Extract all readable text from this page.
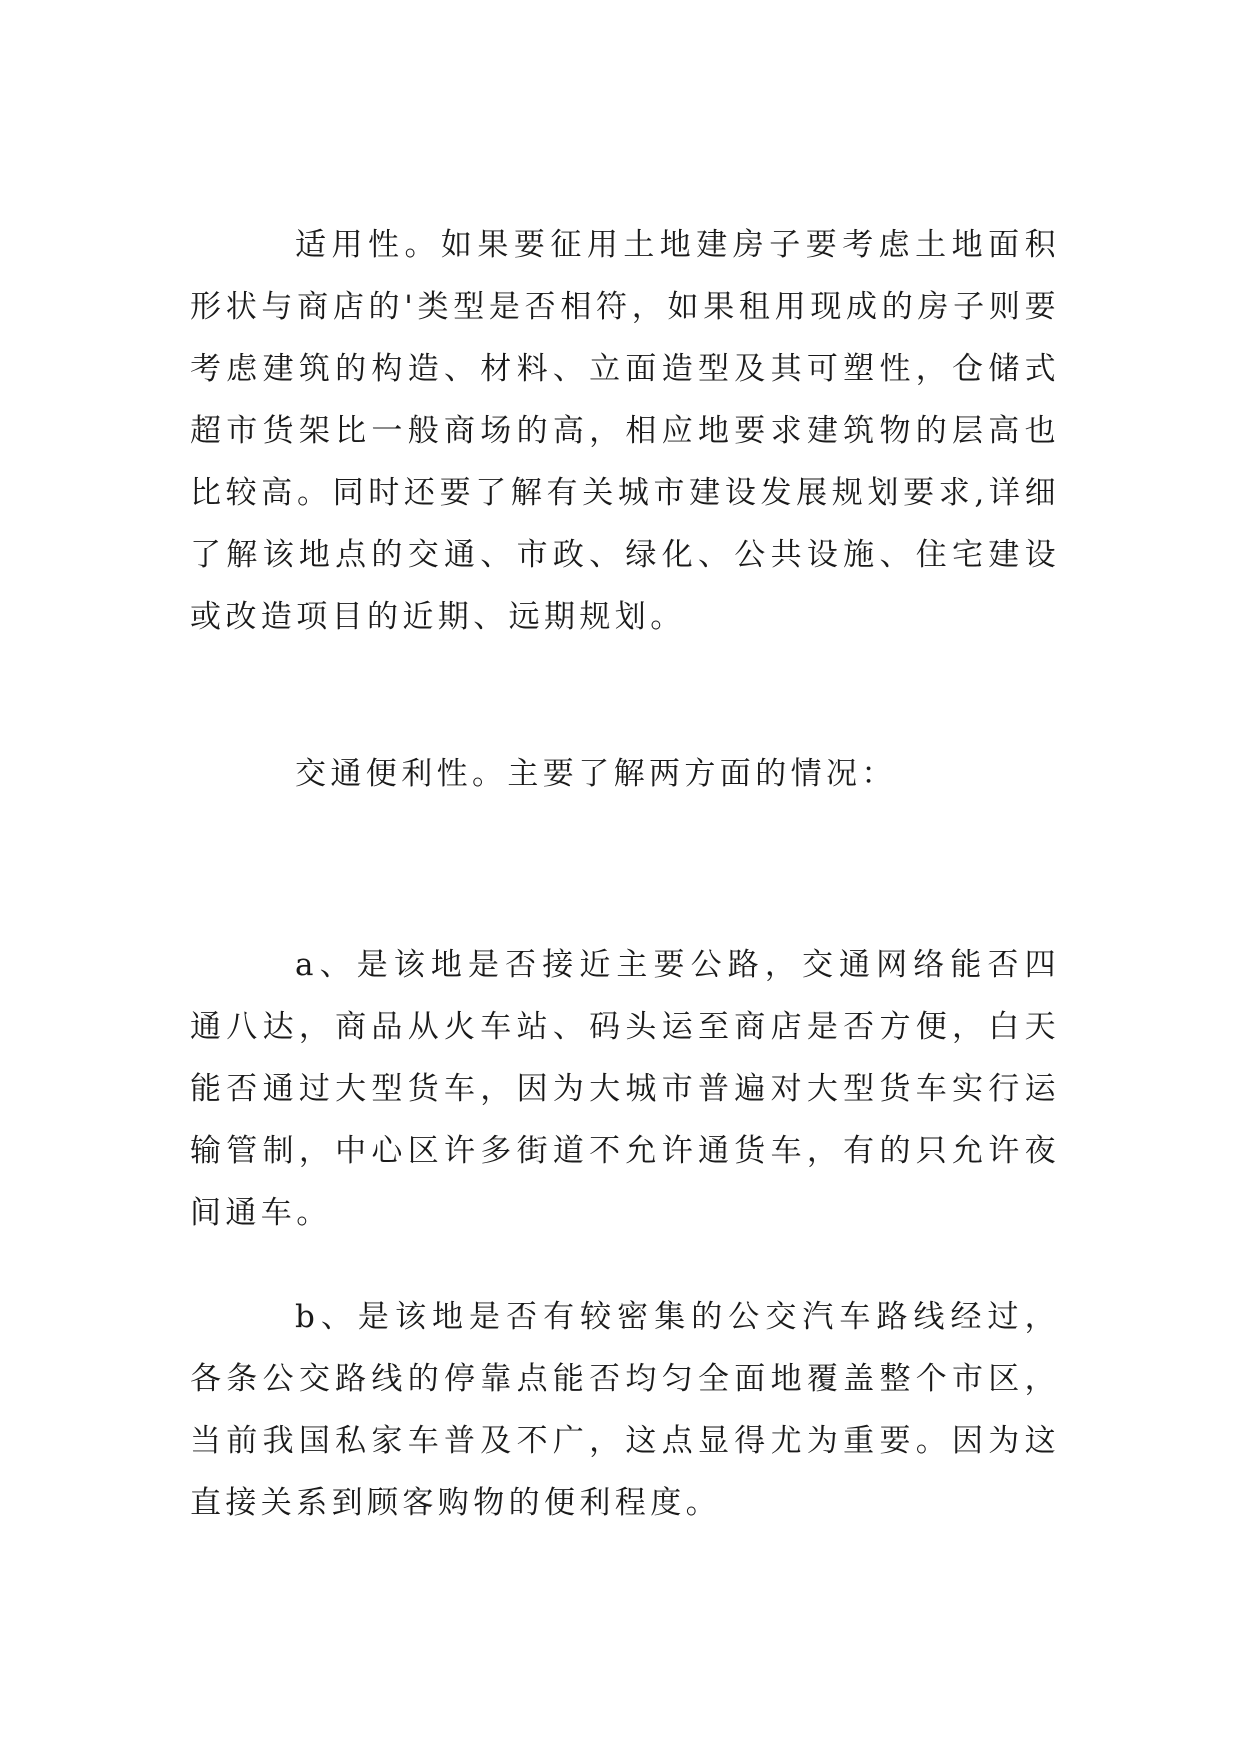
适用性。如果要征用土地建房子要考虑土地面积形状与商店的'类型是否相符，如果租用现成的房子则要考虑建筑的构造、材料、立面造型及其可塑性，仓储式超市货架比一般商场的高，相应地要求建筑物的层高也比较高。同时还要了解有关城市建设发展规划要求,详细了解该地点的交通、市政、绿化、公共设施、住宅建设或改造项目的近期、远期规划。

交通便利性。主要了解两方面的情况：

a、是该地是否接近主要公路，交通网络能否四通八达，商品从火车站、码头运至商店是否方便，白天能否通过大型货车，因为大城市普遍对大型货车实行运输管制，中心区许多街道不允许通货车，有的只允许夜间通车。

b、是该地是否有较密集的公交汽车路线经过，各条公交路线的停靠点能否均匀全面地覆盖整个市区，当前我国私家车普及不广，这点显得尤为重要。因为这直接关系到顾客购物的便利程度。
